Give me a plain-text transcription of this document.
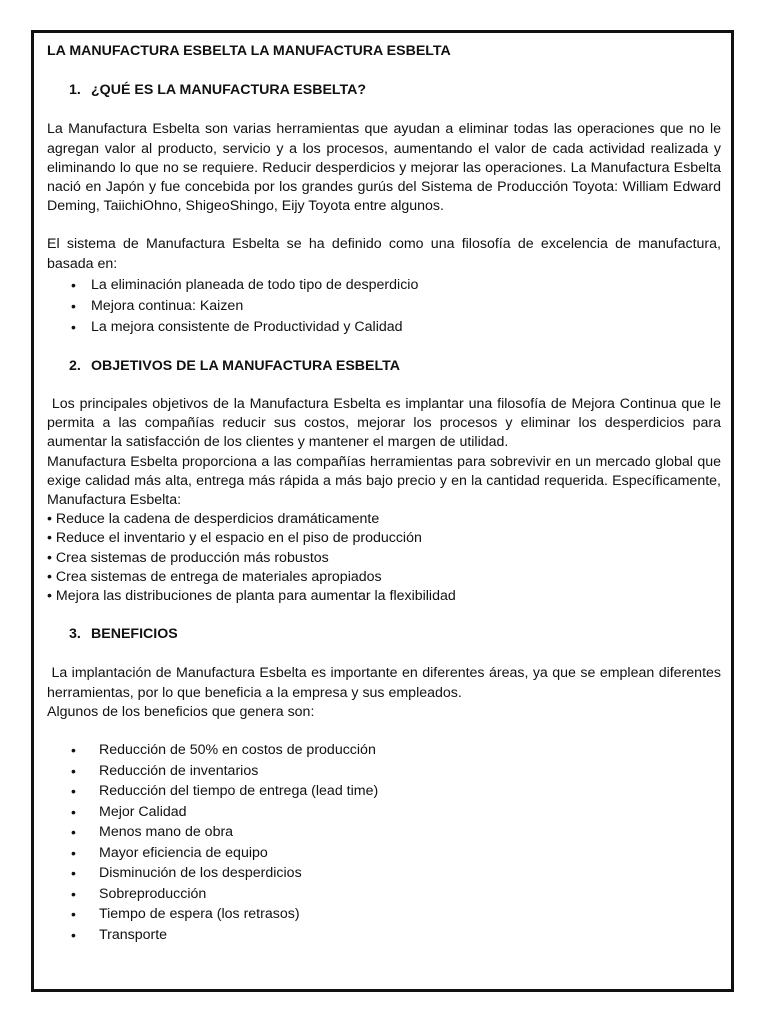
LA MANUFACTURA ESBELTA LA MANUFACTURA ESBELTA

1. ¿QUÉ ES LA MANUFACTURA ESBELTA?

La Manufactura Esbelta son varias herramientas que ayudan a eliminar todas las operaciones que no le agregan valor al producto, servicio y a los procesos, aumentando el valor de cada actividad realizada y eliminando lo que no se requiere. Reducir desperdicios y mejorar las operaciones. La Manufactura Esbelta nació en Japón y fue concebida por los grandes gurús del Sistema de Producción Toyota: William Edward Deming, TaiichiOhno, ShigeoShingo, Eijy Toyota entre algunos.

El sistema de Manufactura Esbelta se ha definido como una filosofía de excelencia de manufactura, basada en:

•	La eliminación planeada de todo tipo de desperdicio
•	Mejora continua: Kaizen
•	La mejora consistente de Productividad y Calidad
2. OBJETIVOS DE LA MANUFACTURA ESBELTA

Los principales objetivos de la Manufactura Esbelta es implantar una filosofía de Mejora Continua que le permita a las compañías reducir sus costos, mejorar los procesos y eliminar los desperdicios para aumentar la satisfacción de los clientes y mantener el margen de utilidad.

Manufactura Esbelta proporciona a las compañías herramientas para sobrevivir en un mercado global que exige calidad más alta, entrega más rápida a más bajo precio y en la cantidad requerida. Específicamente, Manufactura Esbelta:

• Reduce la cadena de desperdicios dramáticamente
• Reduce el inventario y el espacio en el piso de producción
• Crea sistemas de producción más robustos
• Crea sistemas de entrega de materiales apropiados
• Mejora las distribuciones de planta para aumentar la flexibilidad
3. BENEFICIOS

La implantación de Manufactura Esbelta es importante en diferentes áreas, ya que se emplean diferentes herramientas, por lo que beneficia a la empresa y sus empleados.

Algunos de los beneficios que genera son:

•	Reducción de 50% en costos de producción
•	Reducción de inventarios
•	Reducción del tiempo de entrega (lead time)
•	Mejor Calidad
•	Menos mano de obra
•	Mayor eficiencia de equipo
•	Disminución de los desperdicios
•	Sobreproducción
•	Tiempo de espera (los retrasos)
•	Transporte
